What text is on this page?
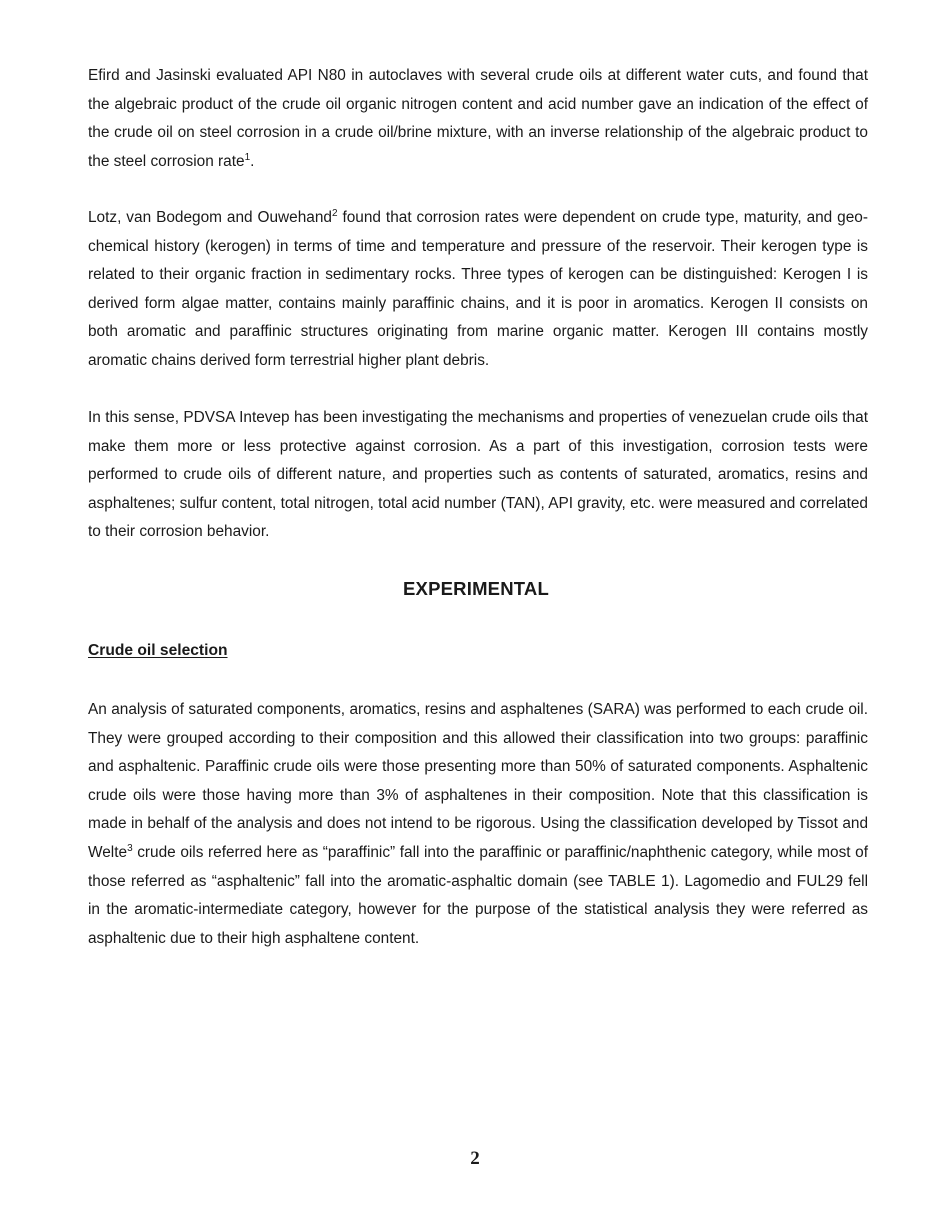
Efird and Jasinski evaluated API N80 in autoclaves with several crude oils at different water cuts, and found that the algebraic product of the crude oil organic nitrogen content and acid number gave an indication of the effect of the crude oil on steel corrosion in a crude oil/brine mixture, with an inverse relationship of the algebraic product to the steel corrosion rate$^1$.

Lotz, van Bodegom and Ouwehand$^2$ found that corrosion rates were dependent on crude type, maturity, and geo-chemical history (kerogen) in terms of time and temperature and pressure of the reservoir. Their kerogen type is related to their organic fraction in sedimentary rocks. Three types of kerogen can be distinguished: Kerogen I is derived form algae matter, contains mainly paraffinic chains, and it is poor in aromatics. Kerogen II consists on both aromatic and paraffinic structures originating from marine organic matter. Kerogen III contains mostly aromatic chains derived form terrestrial higher plant debris.

In this sense, PDVSA Intevep has been investigating the mechanisms and properties of venezuelan crude oils that make them more or less protective against corrosion. As a part of this investigation, corrosion tests were performed to crude oils of different nature, and properties such as contents of saturated, aromatics, resins and asphaltenes; sulfur content, total nitrogen, total acid number (TAN), API gravity, etc. were measured and correlated to their corrosion behavior.

EXPERIMENTAL
Crude oil selection

An analysis of saturated components, aromatics, resins and asphaltenes (SARA) was performed to each crude oil. They were grouped according to their composition and this allowed their classification into two groups: paraffinic and asphaltenic. Paraffinic crude oils were those presenting more than 50% of saturated components. Asphaltenic crude oils were those having more than 3% of asphaltenes in their composition. Note that this classification is made in behalf of the analysis and does not intend to be rigorous. Using the classification developed by Tissot and Welte$^3$ crude oils referred here as “paraffinic” fall into the paraffinic or paraffinic/naphthenic category, while most of those referred as “asphaltenic” fall into the aromatic-asphaltic domain (see TABLE 1). Lagomedio and FUL29 fell in the aromatic-intermediate category, however for the purpose of the statistical analysis they were referred as asphaltenic due to their high asphaltene content.

2
